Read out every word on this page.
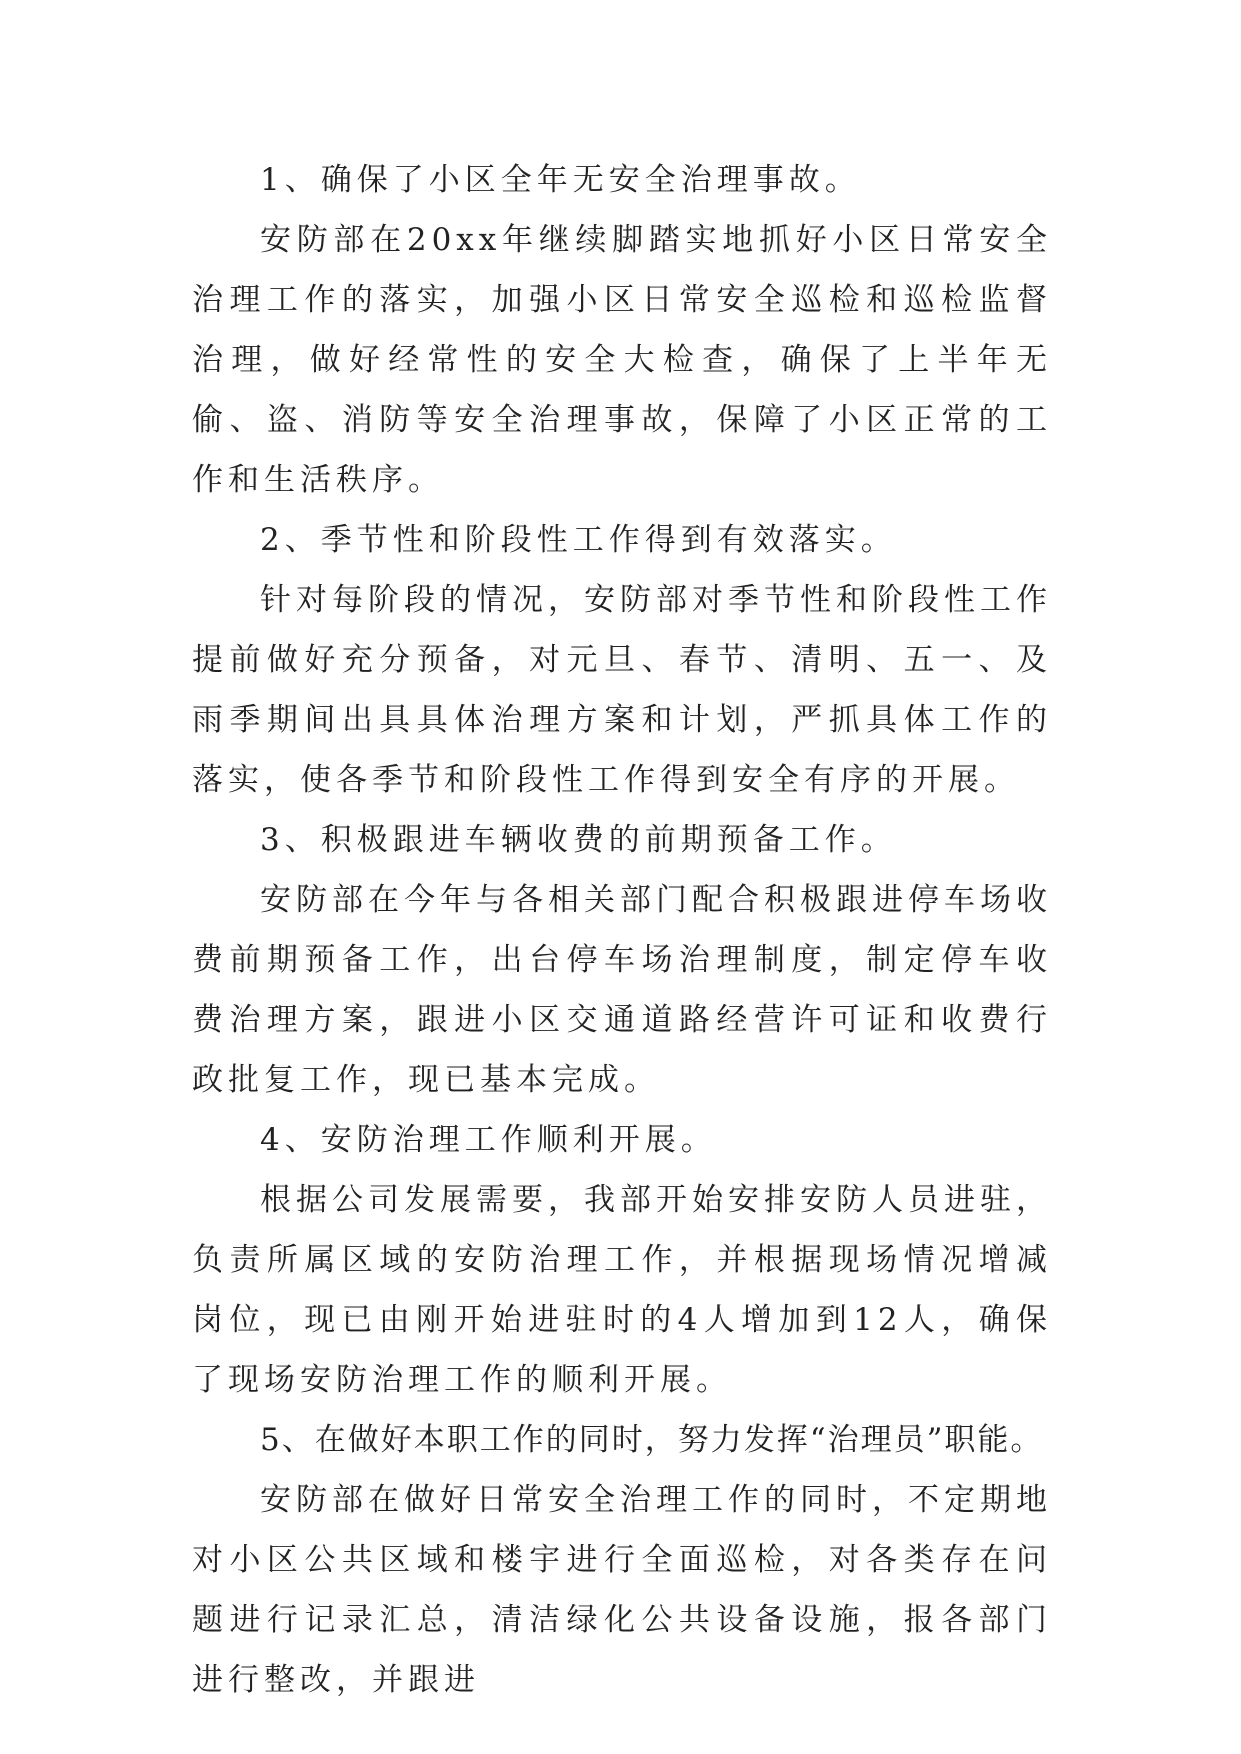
1、确保了小区全年无安全治理事故。

安防部在20xx年继续脚踏实地抓好小区日常安全治理工作的落实，加强小区日常安全巡检和巡检监督治理，做好经常性的安全大检查，确保了上半年无偷、盗、消防等安全治理事故，保障了小区正常的工作和生活秩序。

2、季节性和阶段性工作得到有效落实。

针对每阶段的情况，安防部对季节性和阶段性工作提前做好充分预备，对元旦、春节、清明、五一、及雨季期间出具具体治理方案和计划，严抓具体工作的落实，使各季节和阶段性工作得到安全有序的开展。

3、积极跟进车辆收费的前期预备工作。

安防部在今年与各相关部门配合积极跟进停车场收费前期预备工作，出台停车场治理制度，制定停车收费治理方案，跟进小区交通道路经营许可证和收费行政批复工作，现已基本完成。

4、安防治理工作顺利开展。

根据公司发展需要，我部开始安排安防人员进驻，负责所属区域的安防治理工作，并根据现场情况增减岗位，现已由刚开始进驻时的4人增加到12人，确保了现场安防治理工作的顺利开展。

5、在做好本职工作的同时，努力发挥“治理员”职能。

安防部在做好日常安全治理工作的同时，不定期地对小区公共区域和楼宇进行全面巡检，对各类存在问题进行记录汇总，清洁绿化公共设备设施，报各部门进行整改，并跟进
